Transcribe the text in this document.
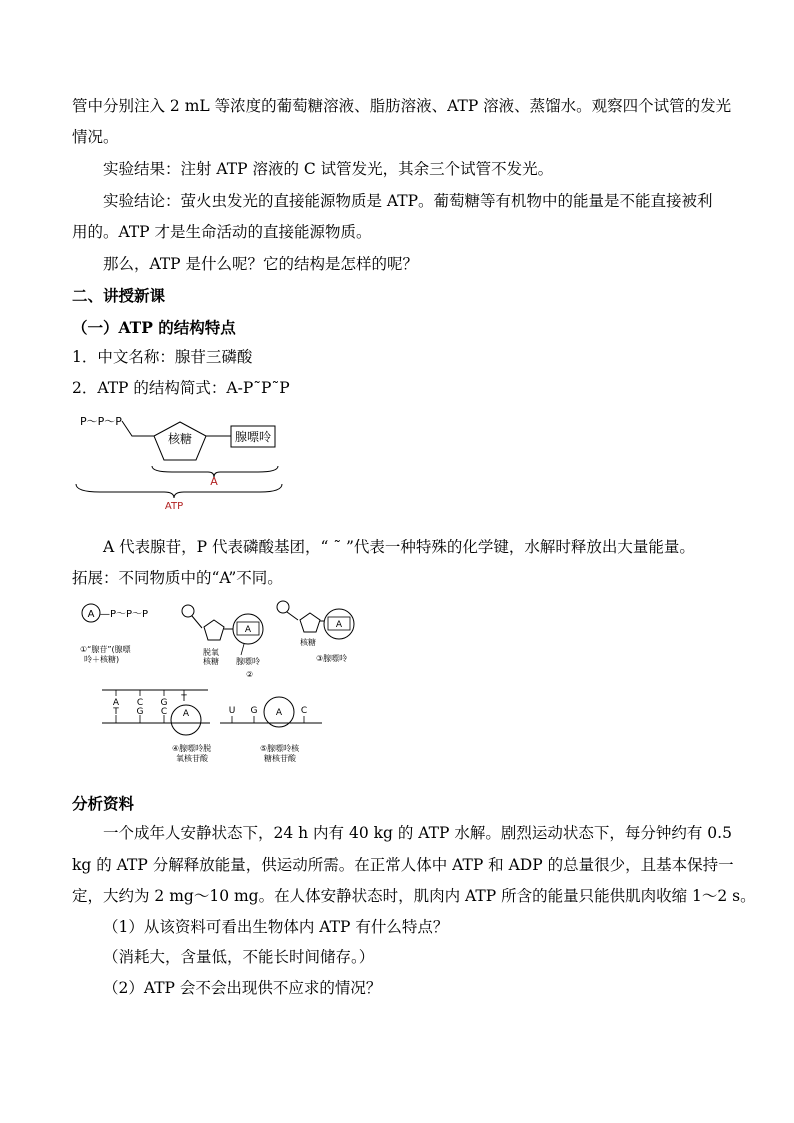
管中分别注入 2 mL 等浓度的葡萄糖溶液、脂肪溶液、ATP 溶液、蒸馏水。观察四个试管的发光
情况。
实验结果：注射 ATP 溶液的 C 试管发光，其余三个试管不发光。
实验结论：萤火虫发光的直接能源物质是 ATP。葡萄糖等有机物中的能量是不能直接被利
用的。ATP 才是生命活动的直接能源物质。
那么，ATP 是什么呢？它的结构是怎样的呢？
二、讲授新课
（一）ATP 的结构特点
1．中文名称：腺苷三磷酸
2．ATP 的结构简式：A-P˜P˜P
P～P～P
核糖	腺嘌呤
A
ATP
A 代表腺苷，P 代表磷酸基团，“ ˜ ”代表一种特殊的化学键，水解时释放出大量能量。
拓展：不同物质中的“A”不同。
A —P～P～P
①“腺苷”(腺嘌
呤＋核糖)
A
脱氧
核糖 腺嘌呤
②
核糖
③腺嘌呤
A C G T
T G C A
④腺嘌呤脱
氧核苷酸
U G	C
A
⑤腺嘌呤核
糖核苷酸
A
分析资料
一个成年人安静状态下，24 h 内有 40 kg 的 ATP 水解。剧烈运动状态下，每分钟约有 0.5
kg 的 ATP 分解释放能量，供运动所需。在正常人体中 ATP 和 ADP 的总量很少，且基本保持一
定，大约为 2 mg～10 mg。在人体安静状态时，肌肉内 ATP 所含的能量只能供肌肉收缩 1～2 s。
（1）从该资料可看出生物体内 ATP 有什么特点？
（消耗大，含量低，不能长时间储存。）
（2）ATP 会不会出现供不应求的情况？
